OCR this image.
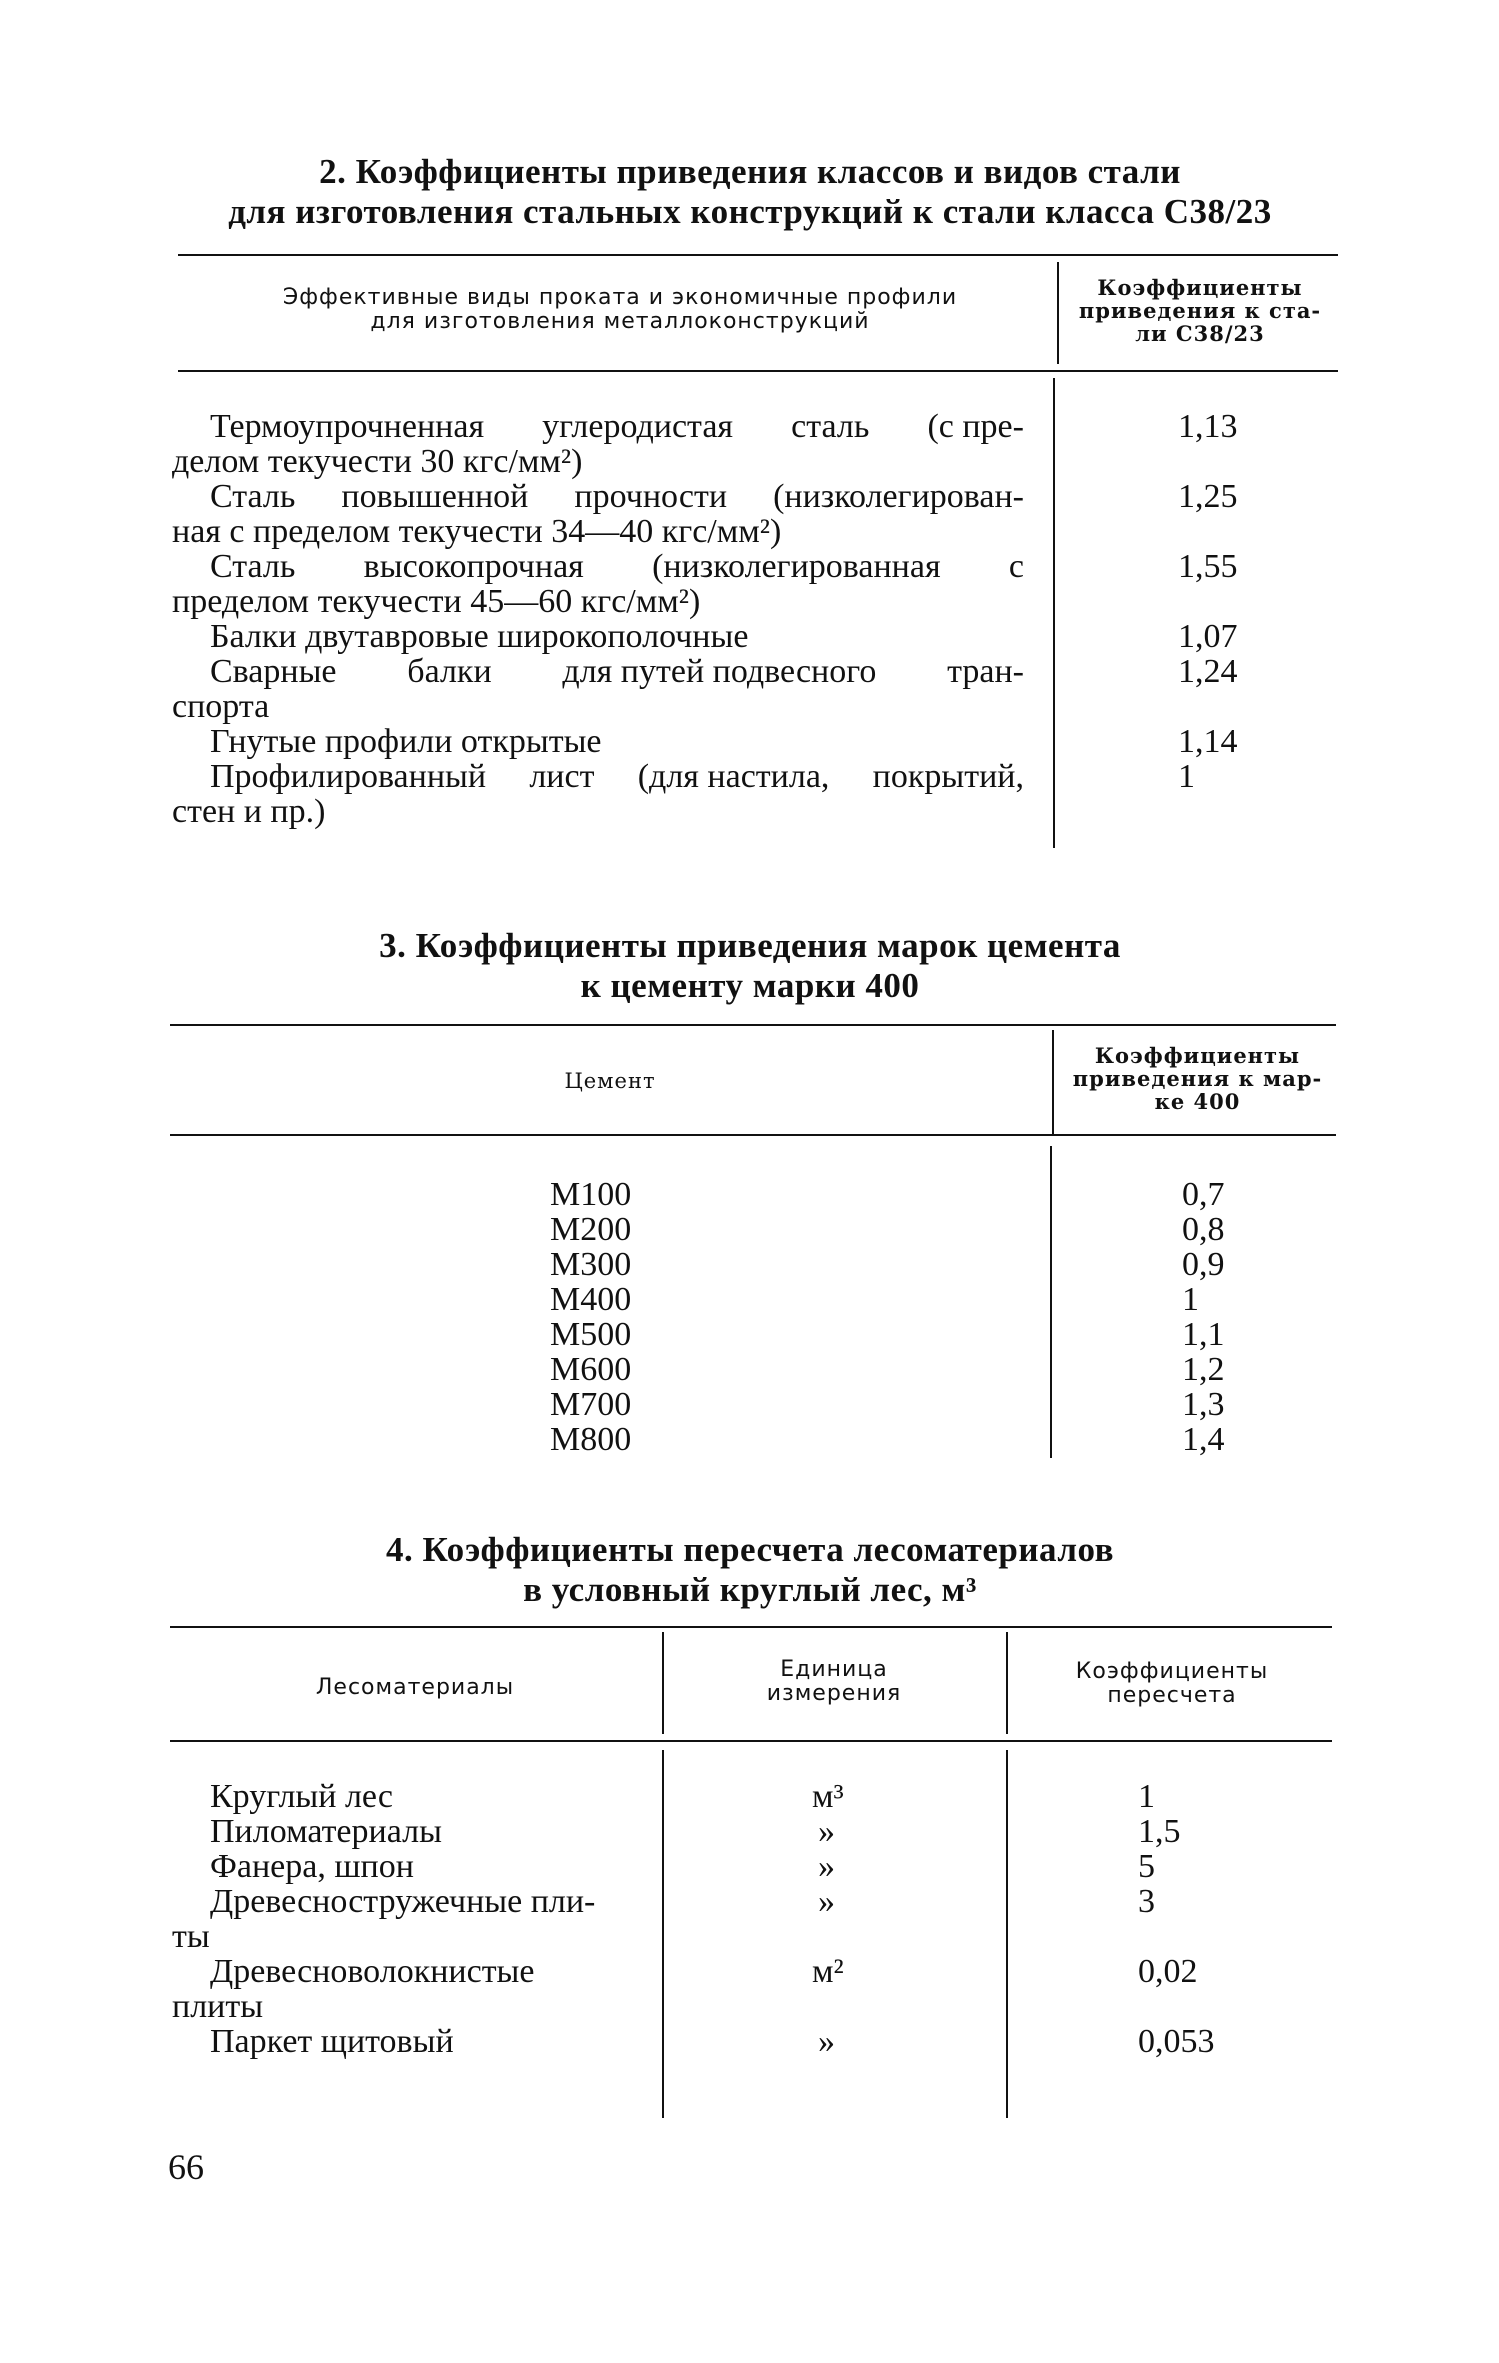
2. Коэффициенты приведения классов и видов стали
для изготовления стальных конструкций к стали класса С38/23
Эффективные виды проката и экономичные профили
для изготовления металлоконструкций
Коэффициенты
приведения к ста-
ли С38/23
Термоупрочненная углеродистая сталь (с пре-
делом текучести 30 кгс/мм²)
Сталь повышенной прочности (низколегирован-
ная с пределом текучести 34—40 кгс/мм²)
Сталь высокопрочная (низколегированная с
пределом текучести 45—60 кгс/мм²)
Балки двутавровые широкополочные
Сварные балки для путей подвесного тран-
спорта
Гнутые профили открытые
Профилированный лист (для настила, покрытий,
стен и пр.)
1,13
1,25
1,55
1,07
1,24
1,14
1
3. Коэффициенты приведения марок цемента
к цементу марки 400
Цемент
Коэффициенты
приведения к мар-
ке 400
М100
М200
М300
М400
М500
М600
М700
М800
0,7
0,8
0,9
1
1,1
1,2
1,3
1,4
4. Коэффициенты пересчета лесоматериалов
в условный круглый лес, м³
Лесоматериалы
Единица
измерения
Коэффициенты
пересчета
Круглый лес
Пиломатериалы
Фанера, шпон
Древесностружечные пли-
ты
Древесноволокнистые
плиты
Паркет щитовый
м³
»
»
»
м²
»
1
1,5
5
3
0,02
0,053
66
